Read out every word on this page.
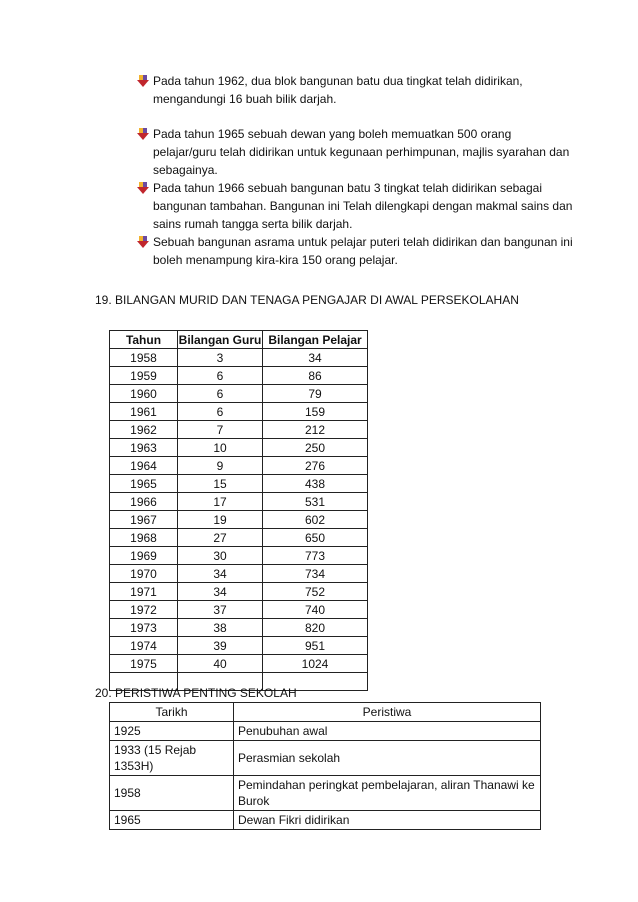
Pada tahun 1962, dua blok bangunan batu dua tingkat telah didirikan, mengandungi 16 buah bilik darjah.
Pada tahun 1965 sebuah dewan yang boleh memuatkan 500 orang pelajar/guru telah didirikan untuk kegunaan perhimpunan, majlis syarahan dan sebagainya.
Pada tahun 1966 sebuah bangunan batu 3 tingkat telah didirikan sebagai bangunan tambahan. Bangunan ini Telah dilengkapi dengan makmal sains dan sains rumah tangga serta bilik darjah.
Sebuah bangunan asrama untuk pelajar puteri telah didirikan dan bangunan ini boleh menampung kira-kira 150 orang pelajar.
19. BILANGAN MURID DAN TENAGA PENGAJAR DI AWAL PERSEKOLAHAN
Tahun	Bilangan Guru	Bilangan Pelajar
1958	3	34
1959	6	86
1960	6	79
1961	6	159
1962	7	212
1963	10	250
1964	9	276
1965	15	438
1966	17	531
1967	19	602
1968	27	650
1969	30	773
1970	34	734
1971	34	752
1972	37	740
1973	38	820
1974	39	951
1975	40	1024

20. PERISTIWA PENTING SEKOLAH
Tarikh	Peristiwa
1925	Penubuhan awal
1933 (15 Rejab 1353H)	Perasmian sekolah
1958	Pemindahan peringkat pembelajaran, aliran Thanawi ke Burok
1965	Dewan Fikri didirikan
